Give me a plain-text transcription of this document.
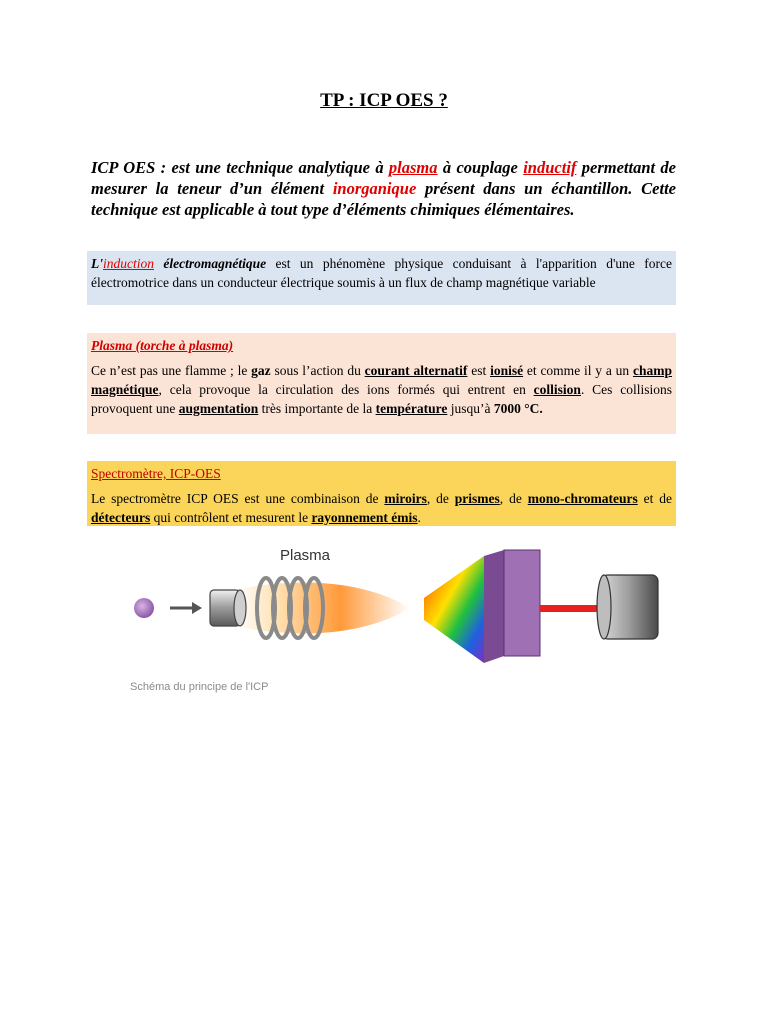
TP : ICP OES ?
ICP OES : est une technique analytique à plasma à couplage inductif permettant de mesurer la teneur d’un élément inorganique présent dans un échantillon. Cette technique est applicable à tout type d’éléments chimiques élémentaires.
L'induction électromagnétique est un phénomène physique conduisant à l'apparition d'une force électromotrice dans un conducteur électrique soumis à un flux de champ magnétique variable
Plasma (torche à plasma)
Ce n’est pas une flamme ; le gaz sous l’action du courant alternatif est ionisé et comme il y a un champ magnétique, cela provoque la circulation des ions formés qui entrent en collision. Ces collisions provoquent une augmentation très importante de la température jusqu’à 7000 °C.
Spectromètre, ICP-OES
Le spectromètre ICP OES est une combinaison de miroirs, de prismes, de mono-chromateurs et de détecteurs qui contrôlent et mesurent le rayonnement émis.
Plasma
Schéma du principe de l'ICP
